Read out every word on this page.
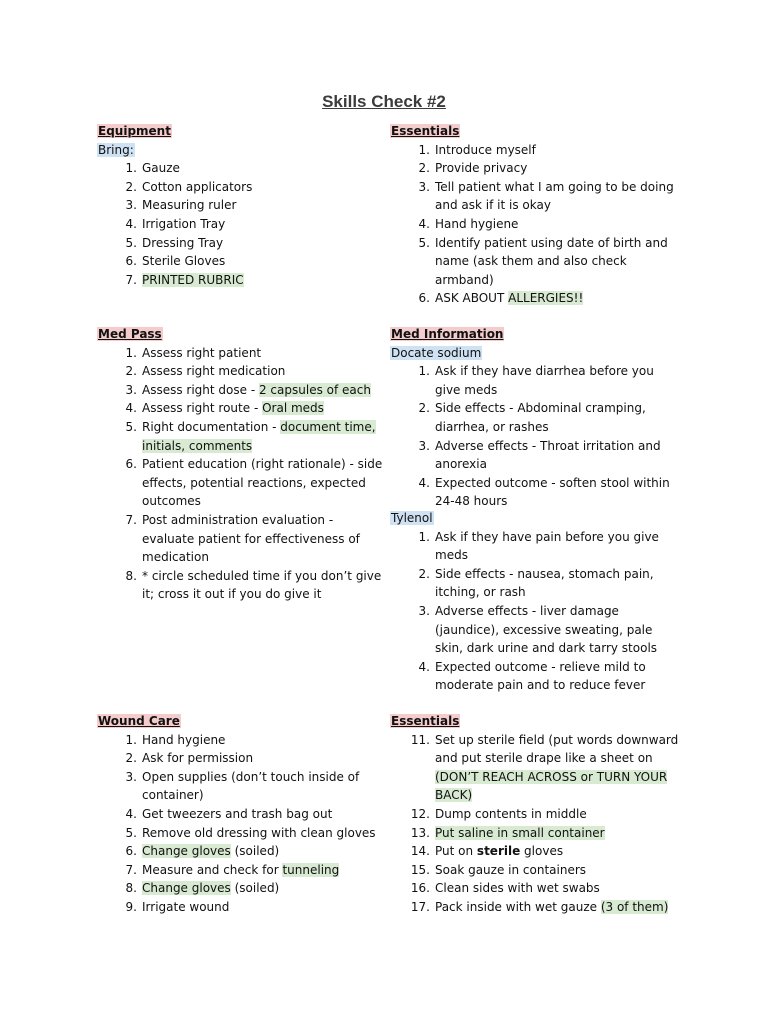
Skills Check #2
Equipment
Bring:
1. Gauze
2. Cotton applicators
3. Measuring ruler
4. Irrigation Tray
5. Dressing Tray
6. Sterile Gloves
7. PRINTED RUBRIC
Essentials
1. Introduce myself
2. Provide privacy
3. Tell patient what I am going to be doing and ask if it is okay
4. Hand hygiene
5. Identify patient using date of birth and name (ask them and also check armband)
6. ASK ABOUT ALLERGIES!!
Med Pass
1. Assess right patient
2. Assess right medication
3. Assess right dose - 2 capsules of each
4. Assess right route - Oral meds
5. Right documentation - document time, initials, comments
6. Patient education (right rationale) - side effects, potential reactions, expected outcomes
7. Post administration evaluation - evaluate patient for effectiveness of medication
8. * circle scheduled time if you don’t give it; cross it out if you do give it
Med Information
Docate sodium
1. Ask if they have diarrhea before you give meds
2. Side effects - Abdominal cramping, diarrhea, or rashes
3. Adverse effects - Throat irritation and anorexia
4. Expected outcome - soften stool within 24-48 hours
Tylenol
1. Ask if they have pain before you give meds
2. Side effects - nausea, stomach pain, itching, or rash
3. Adverse effects - liver damage (jaundice), excessive sweating, pale skin, dark urine and dark tarry stools
4. Expected outcome - relieve mild to moderate pain and to reduce fever
Wound Care
1. Hand hygiene
2. Ask for permission
3. Open supplies (don’t touch inside of container)
4. Get tweezers and trash bag out
5. Remove old dressing with clean gloves
6. Change gloves (soiled)
7. Measure and check for tunneling
8. Change gloves (soiled)
9. Irrigate wound
Essentials
11. Set up sterile field (put words downward and put sterile drape like a sheet on (DON’T REACH ACROSS or TURN YOUR BACK)
12. Dump contents in middle
13. Put saline in small container
14. Put on sterile gloves
15. Soak gauze in containers
16. Clean sides with wet swabs
17. Pack inside with wet gauze (3 of them)
